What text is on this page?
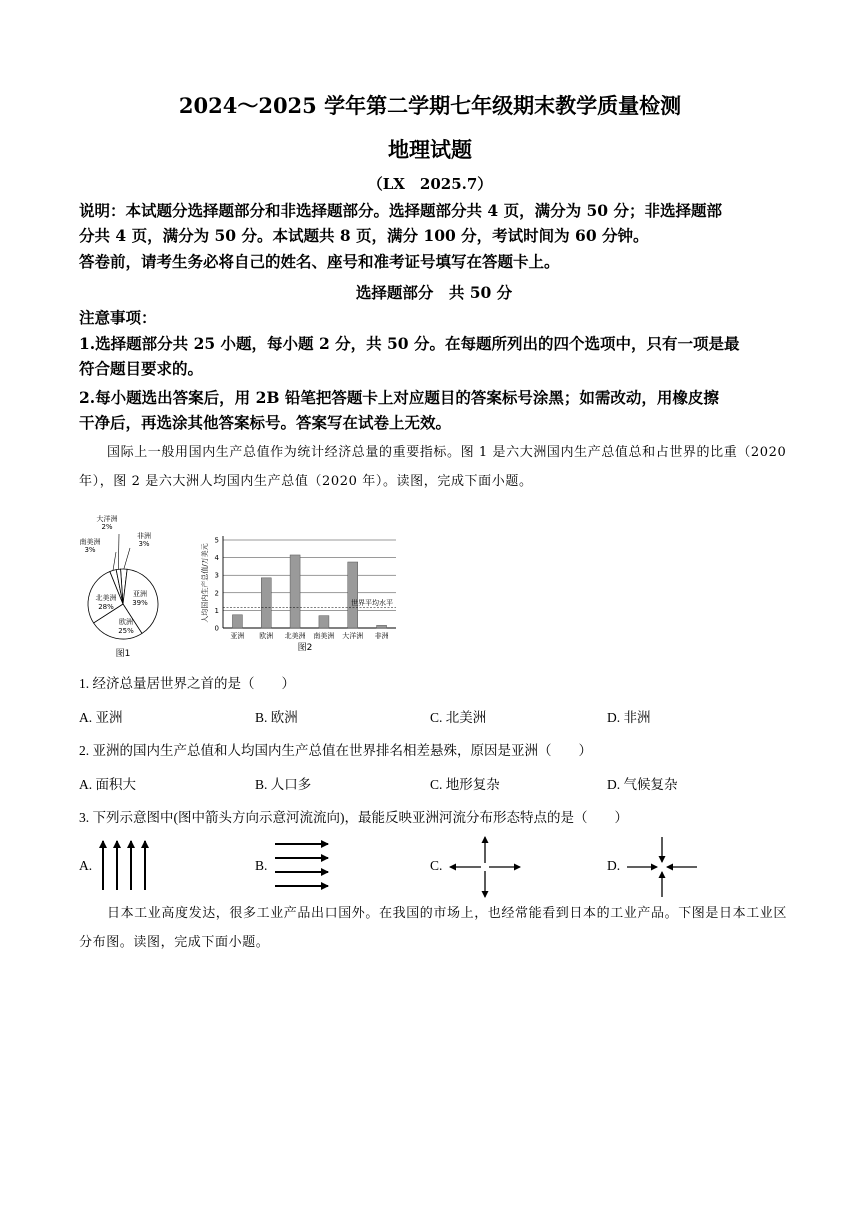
2024～2025 学年第二学期七年级期末教学质量检测
地理试题
（LX　2025.7）
说明：本试题分选择题部分和非选择题部分。选择题部分共 4 页，满分为 50 分；非选择题部
分共 4 页，满分为 50 分。本试题共 8 页，满分 100 分，考试时间为 60 分钟。
答卷前，请考生务必将自己的姓名、座号和准考证号填写在答题卡上。
选择题部分　共 50 分
注意事项：
1.选择题部分共 25 小题，每小题 2 分，共 50 分。在每题所列出的四个选项中，只有一项是最
符合题目要求的。
2.每小题选出答案后，用 2B 铅笔把答题卡上对应题目的答案标号涂黑；如需改动，用橡皮擦
干净后，再选涂其他答案标号。答案写在试卷上无效。
国际上一般用国内生产总值作为统计经济总量的重要指标。图 1 是六大洲国内生产总值总和占世界的比重（2020 年），图 2 是六大洲人均国内生产总值（2020 年）。读图，完成下面小题。
亚洲
39%
欧洲
25%
北美洲
28%
南美洲
3%
大洋洲
2%
非洲
3%
图1
人均国内生产总值/万美元
0
1
2
3
4
5
世界平均水平
亚洲 欧洲 北美洲 南美洲 大洋洲 非洲
图2
1. 经济总量居世界之首的是（　　）
A. 亚洲	B. 欧洲	C. 北美洲	D. 非洲
2. 亚洲的国内生产总值和人均国内生产总值在世界排名相差悬殊，原因是亚洲（　　）
A. 面积大	B. 人口多	C. 地形复杂	D. 气候复杂
3. 下列示意图中(图中箭头方向示意河流流向)，最能反映亚洲河流分布形态特点的是（　　）
A.	B.	C.	D.
日本工业高度发达，很多工业产品出口国外。在我国的市场上，也经常能看到日本的工业产品。下图是日本工业区分布图。读图，完成下面小题。
